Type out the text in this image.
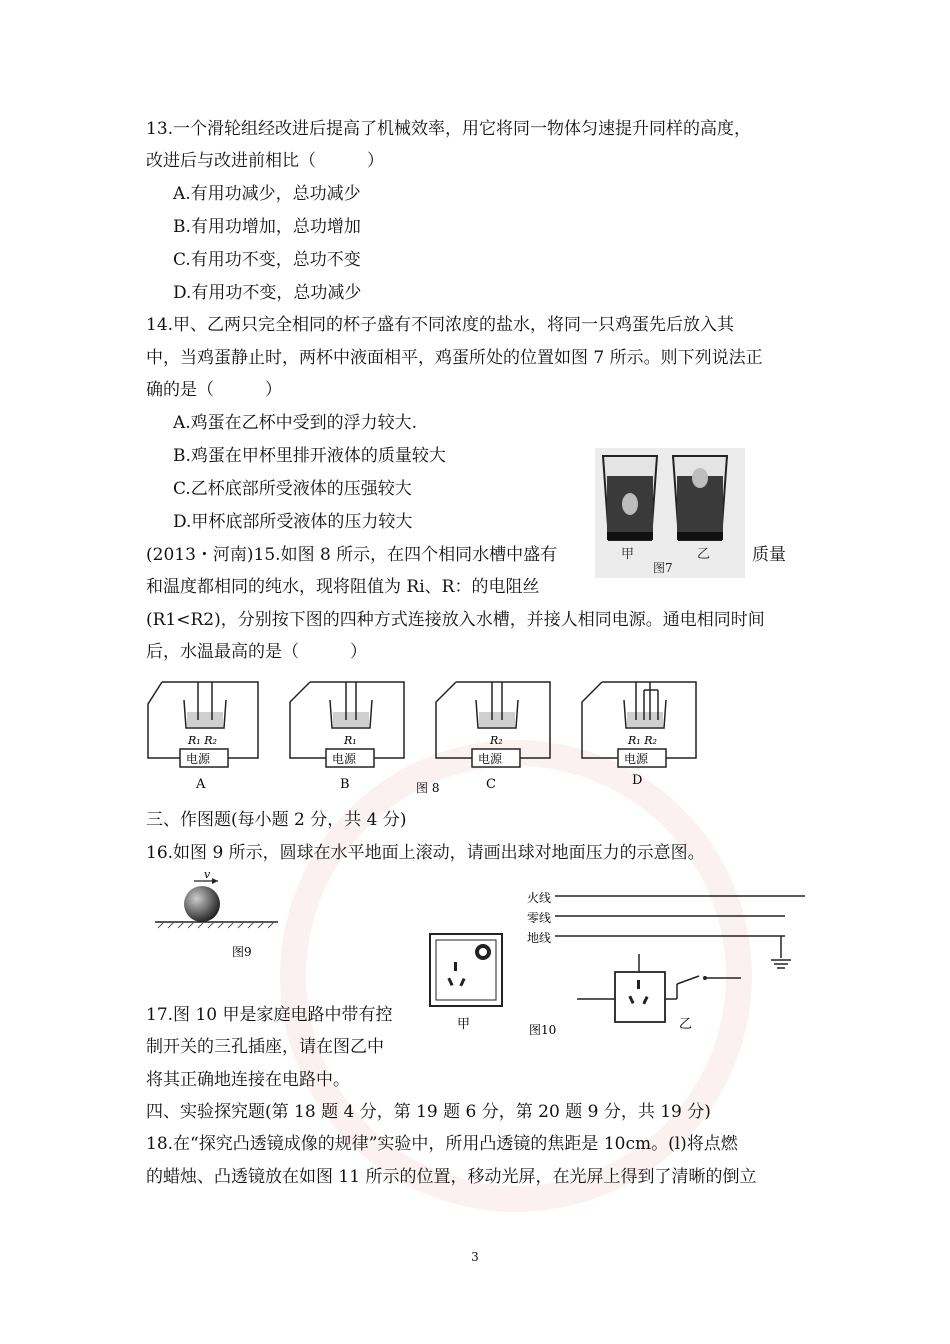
13.一个滑轮组经改进后提高了机械效率，用它将同一物体匀速提升同样的高度，
改进后与改进前相比（　　　）
A.有用功减少，总功减少
B.有用功增加，总功增加
C.有用功不变，总功不变
D.有用功不变，总功减少
14.甲、乙两只完全相同的杯子盛有不同浓度的盐水，将同一只鸡蛋先后放入其
中，当鸡蛋静止时，两杯中液面相平，鸡蛋所处的位置如图 7 所示。则下列说法正
确的是（　　　）
A.鸡蛋在乙杯中受到的浮力较大.
B.鸡蛋在甲杯里排开液体的质量较大
C.乙杯底部所受液体的压强较大
D.甲杯底部所受液体的压力较大
甲	乙
图7
(2013・河南)15.如图 8 所示，在四个相同水槽中盛有	质量
和温度都相同的纯水，现将阻值为 Ri、R：的电阻丝
(R1<R2)，分别按下图的四种方式连接放入水槽，并接人相同电源。通电相同时间
后，水温最高的是（　　　）
电源
R₁ R₂
A
电源
R₁
B
电源
R₂
C
电源
R₁ R₂
D
图 8
三、作图题(每小题 2 分，共 4 分)
16.如图 9 所示，圆球在水平地面上滚动，请画出球对地面压力的示意图。
v
图9
甲
火线
零线
地线
乙
图10
17.图 10 甲是家庭电路中带有控
制开关的三孔插座，请在图乙中
将其正确地连接在电路中。
四、实验探究题(第 18 题 4 分，第 19 题 6 分，第 20 题 9 分，共 19 分)
18.在“探究凸透镜成像的规律”实验中，所用凸透镜的焦距是 10cm。(l)将点燃
的蜡烛、凸透镜放在如图 11 所示的位置，移动光屏，在光屏上得到了清晰的倒立
3
